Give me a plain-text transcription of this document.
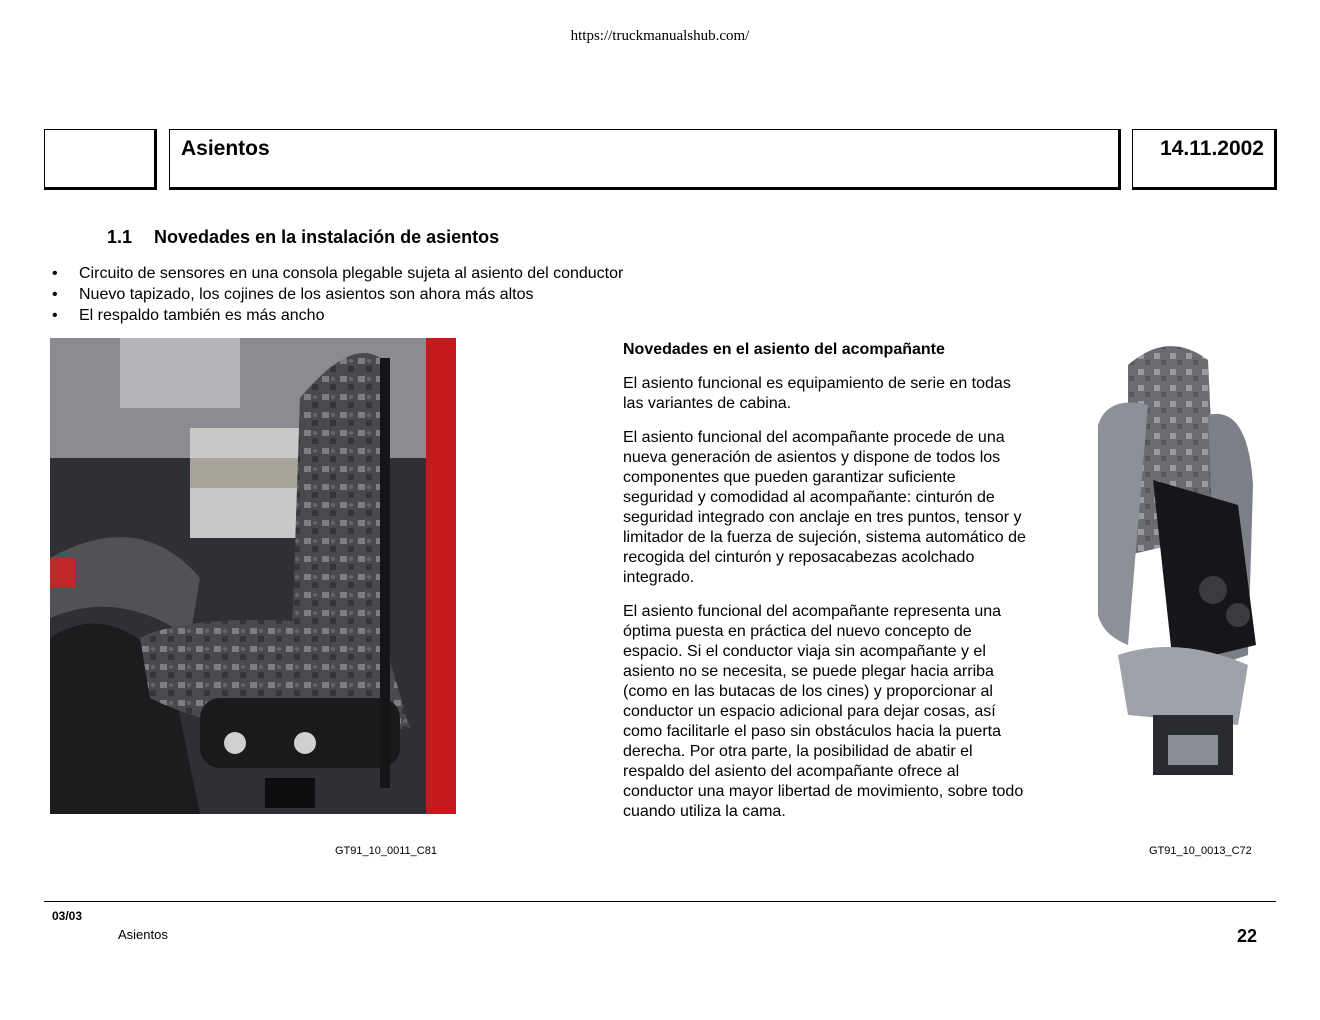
https://truckmanualshub.com/
Asientos	14.11.2002
1.1 Novedades en la instalación de asientos
•	Circuito de sensores en una consola plegable sujeta al asiento del conductor
•	Nuevo tapizado, los cojines de los asientos son ahora más altos
•	El respaldo también es más ancho

Novedades en el asiento del acompañante

El asiento funcional es equipamiento de serie en todas las variantes de cabina.

El asiento funcional del acompañante procede de una nueva generación de asientos y dispone de todos los componentes que pueden garantizar suficiente seguridad y comodidad al acompañante: cinturón de seguridad integrado con anclaje en tres puntos, tensor y limitador de la fuerza de sujeción, sistema automático de recogida del cinturón y reposacabezas acolchado integrado.

El asiento funcional del acompañante representa una óptima puesta en práctica del nuevo concepto de espacio. Si el conductor viaja sin acompañante y el asiento no se necesita, se puede plegar hacia arriba (como en las butacas de los cines) y proporcionar al conductor un espacio adicional para dejar cosas, así como facilitarle el paso sin obstáculos hacia la puerta derecha. Por otra parte, la posibilidad de abatir el respaldo del asiento del acompañante ofrece al conductor una mayor libertad de movimiento, sobre todo cuando utiliza la cama.

GT91_10_0011_C81	GT91_10_0013_C72
03/03
Asientos	22
